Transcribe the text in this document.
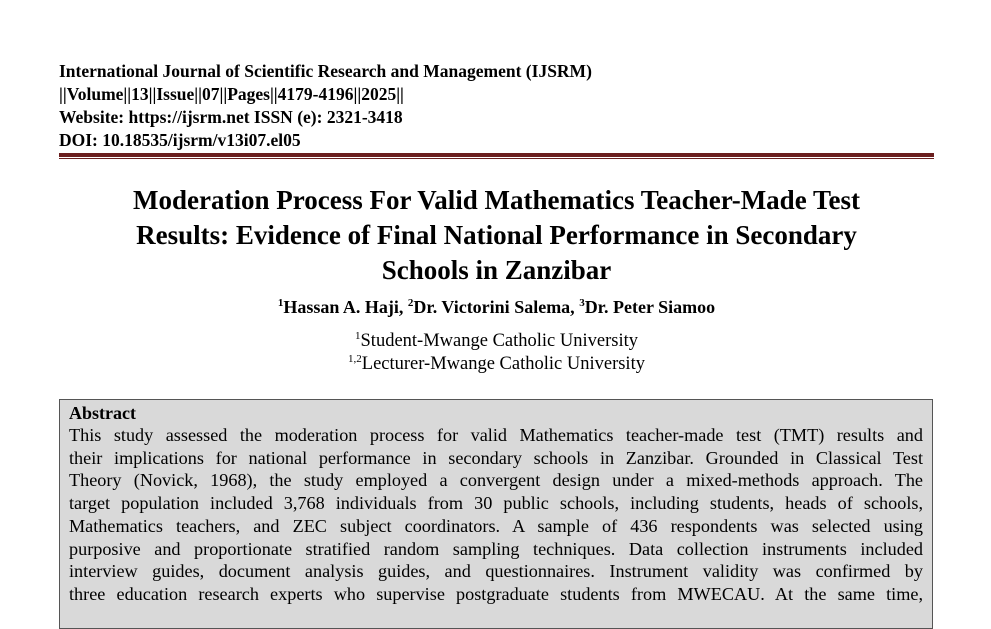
International Journal of Scientific Research and Management (IJSRM)
||Volume||13||Issue||07||Pages||4179-4196||2025||
Website: https://ijsrm.net ISSN (e): 2321-3418
DOI: 10.18535/ijsrm/v13i07.el05
Moderation Process For Valid Mathematics Teacher-Made Test
Results: Evidence of Final National Performance in Secondary
Schools in Zanzibar
$^1$Hassan A. Haji, $^2$Dr. Victorini Salema, $^3$Dr. Peter Siamoo
$^1$Student-Mwange Catholic University
$^{1,2}$Lecturer-Mwange Catholic University
Abstract
This study assessed the moderation process for valid Mathematics teacher-made test (TMT) results and
their implications for national performance in secondary schools in Zanzibar. Grounded in Classical Test
Theory (Novick, 1968), the study employed a convergent design under a mixed-methods approach. The
target population included 3,768 individuals from 30 public schools, including students, heads of schools,
Mathematics teachers, and ZEC subject coordinators. A sample of 436 respondents was selected using
purposive and proportionate stratified random sampling techniques. Data collection instruments included
interview guides, document analysis guides, and questionnaires. Instrument validity was confirmed by
three education research experts who supervise postgraduate students from MWECAU. At the same time,
